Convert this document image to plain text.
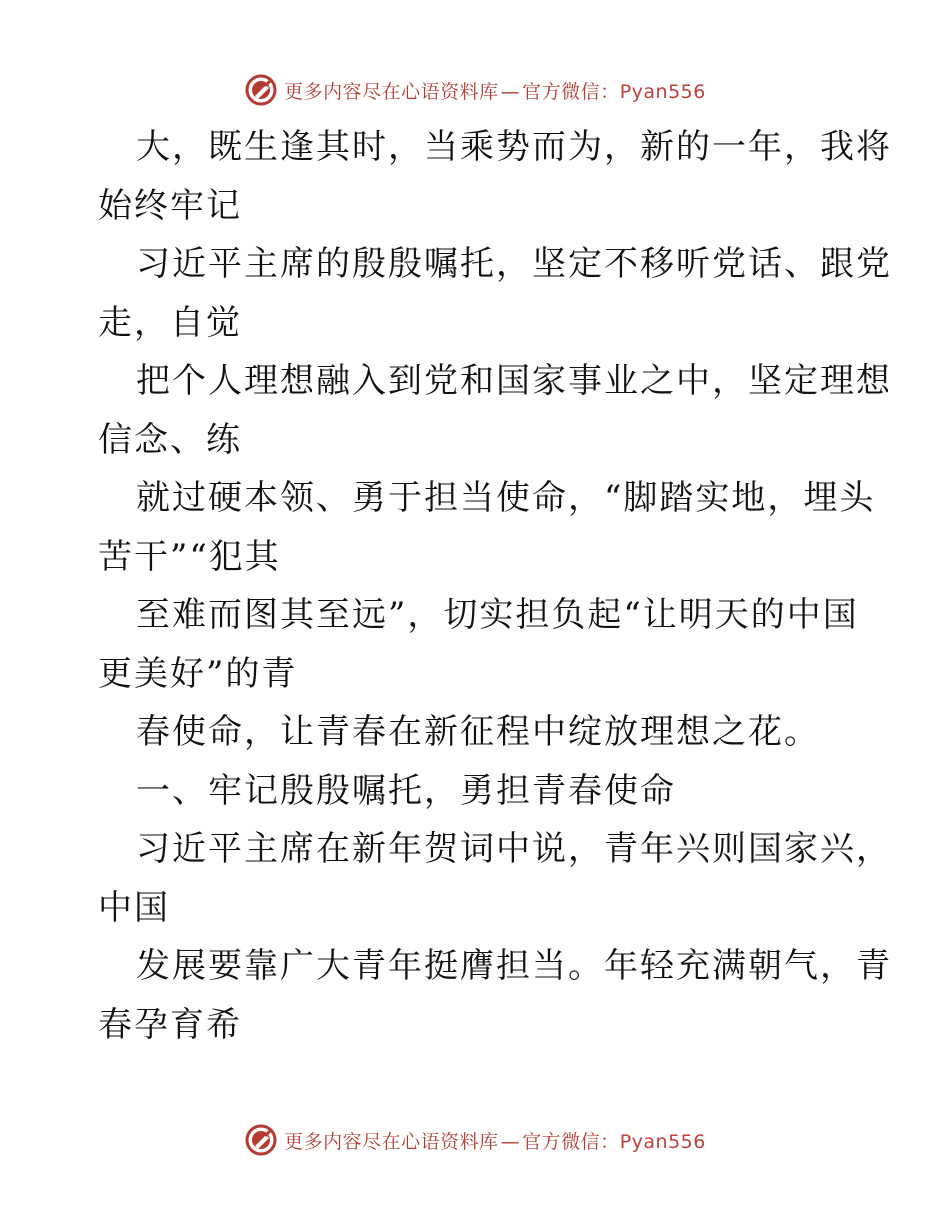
更多内容尽在心语资料库 — 官方微信：Pyan556
大，既生逢其时，当乘势而为，新的一年，我将
始终牢记
习近平主席的殷殷嘱托，坚定不移听党话、跟党
走，自觉
把个人理想融入到党和国家事业之中，坚定理想
信念、练
就过硬本领、勇于担当使命，“脚踏实地，埋头
苦干”“犯其
至难而图其至远”，切实担负起“让明天的中国
更美好”的青
春使命，让青春在新征程中绽放理想之花。
一、牢记殷殷嘱托，勇担青春使命
习近平主席在新年贺词中说，青年兴则国家兴，
中国
发展要靠广大青年挺膺担当。年轻充满朝气，青
春孕育希
更多内容尽在心语资料库 — 官方微信：Pyan556
